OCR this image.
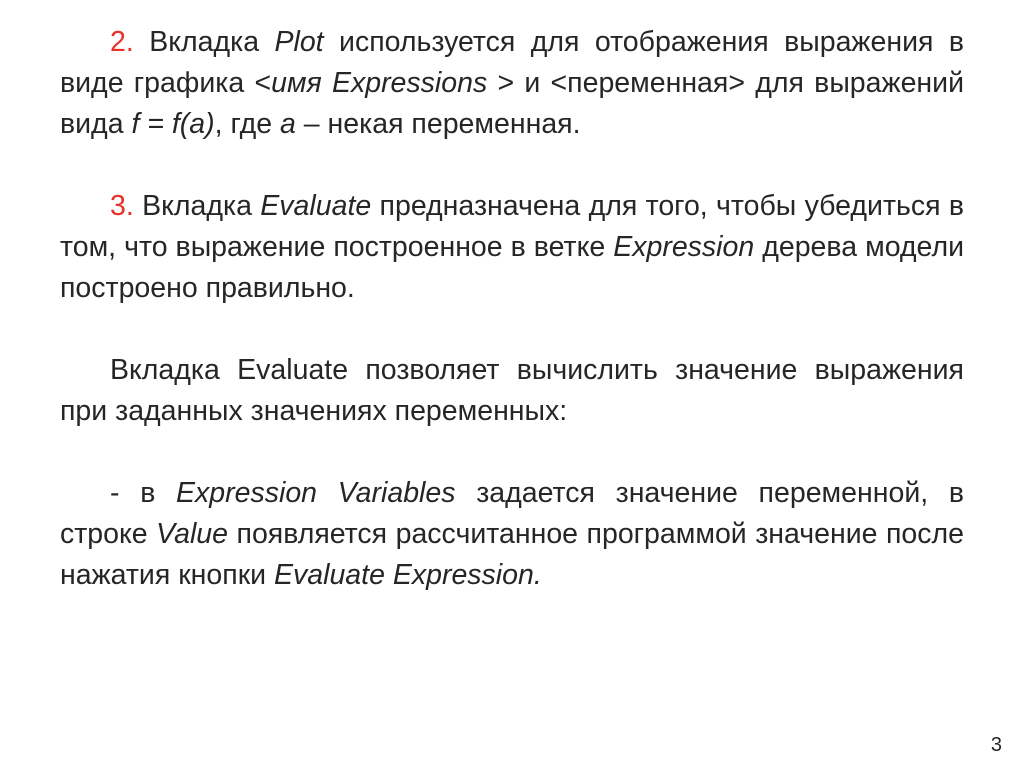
2. Вкладка Plot используется для отображения выражения в виде графика <имя Expressions > и <переменная> для выражений вида f = f(a), где а – некая переменная.

3. Вкладка Evaluate предназначена для того, чтобы убедиться в том, что выражение построенное в ветке Expression дерева модели построено правильно.

Вкладка Evaluate позволяет вычислить значение выражения при заданных значениях переменных:

- в Expression Variables задается значение переменной, в строке Value появляется рассчитанное программой значение после нажатия кнопки Evaluate Expression.

3
